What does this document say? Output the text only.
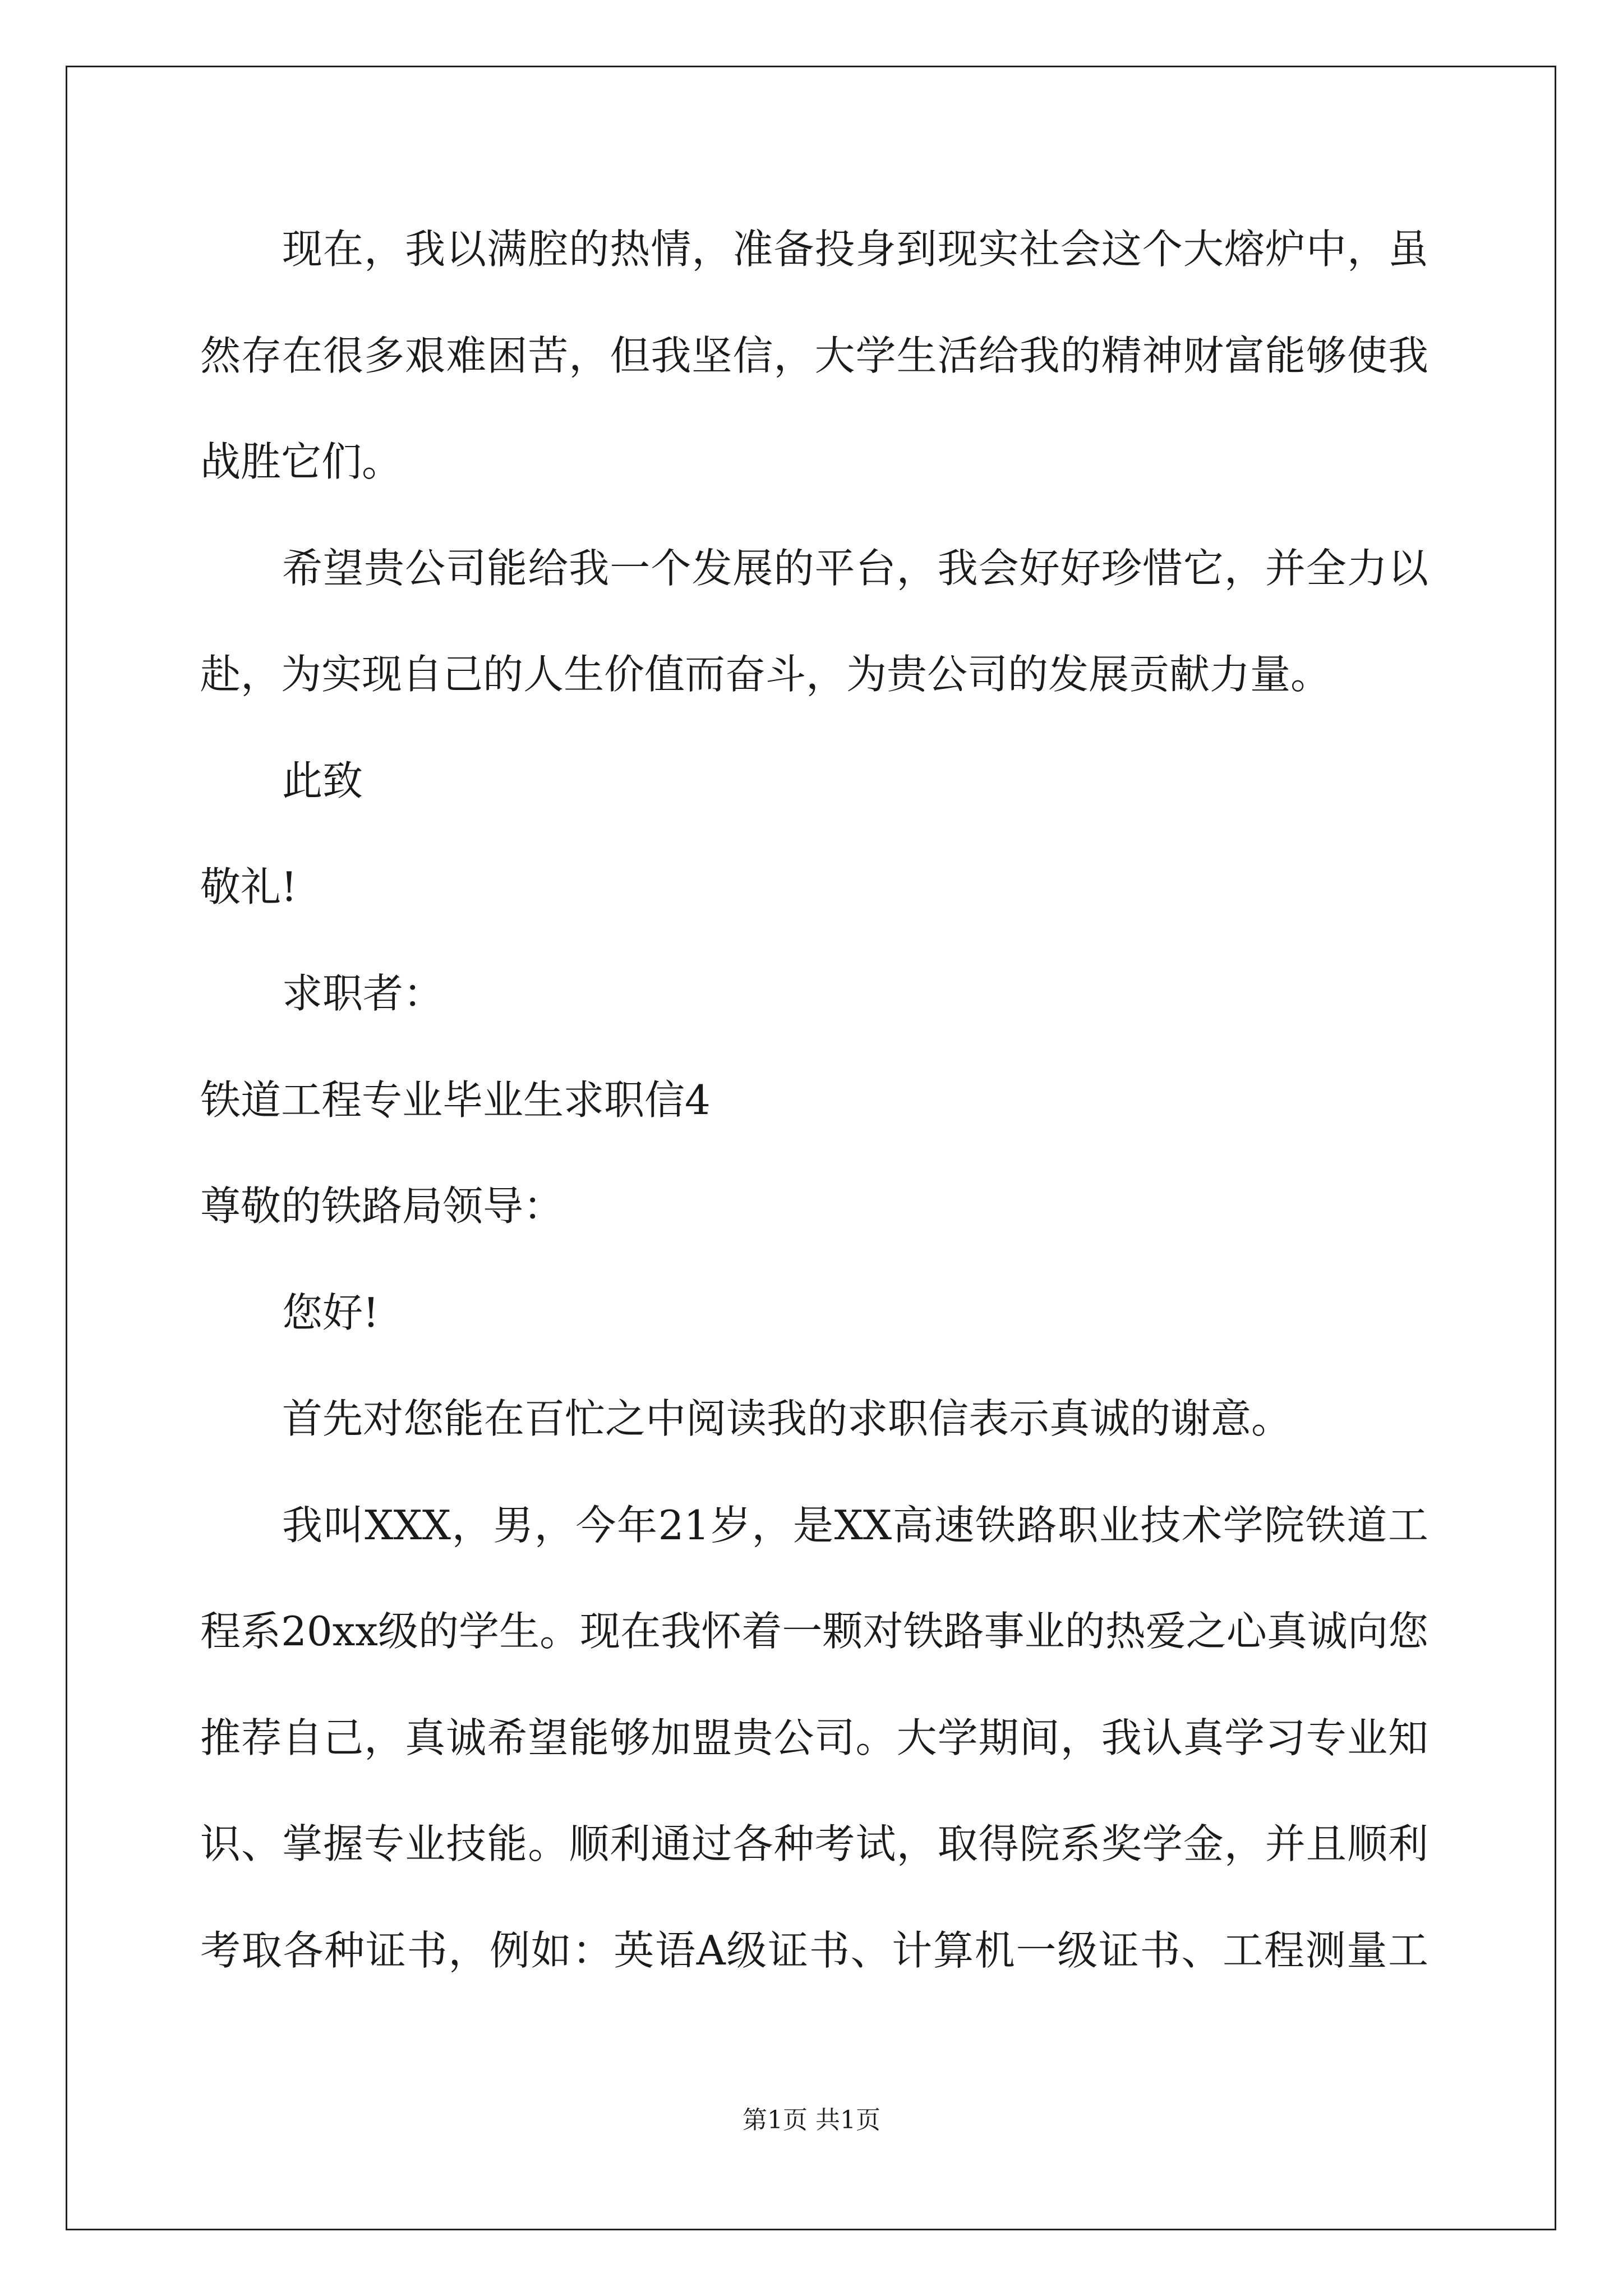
现在，我以满腔的热情，准备投身到现实社会这个大熔炉中，虽
然存在很多艰难困苦，但我坚信，大学生活给我的精神财富能够使我
战胜它们。
希望贵公司能给我一个发展的平台，我会好好珍惜它，并全力以
赴，为实现自己的人生价值而奋斗，为贵公司的发展贡献力量。
此致
敬礼!
求职者：
铁道工程专业毕业生求职信4
尊敬的铁路局领导：
您好!
首先对您能在百忙之中阅读我的求职信表示真诚的谢意。
我叫XXX，男，今年21岁，是XX高速铁路职业技术学院铁道工
程系20xx级的学生。现在我怀着一颗对铁路事业的热爱之心真诚向您
推荐自己，真诚希望能够加盟贵公司。大学期间，我认真学习专业知
识、掌握专业技能。顺利通过各种考试，取得院系奖学金，并且顺利
考取各种证书，例如：英语A级证书、计算机一级证书、工程测量工
第1页 共1页
